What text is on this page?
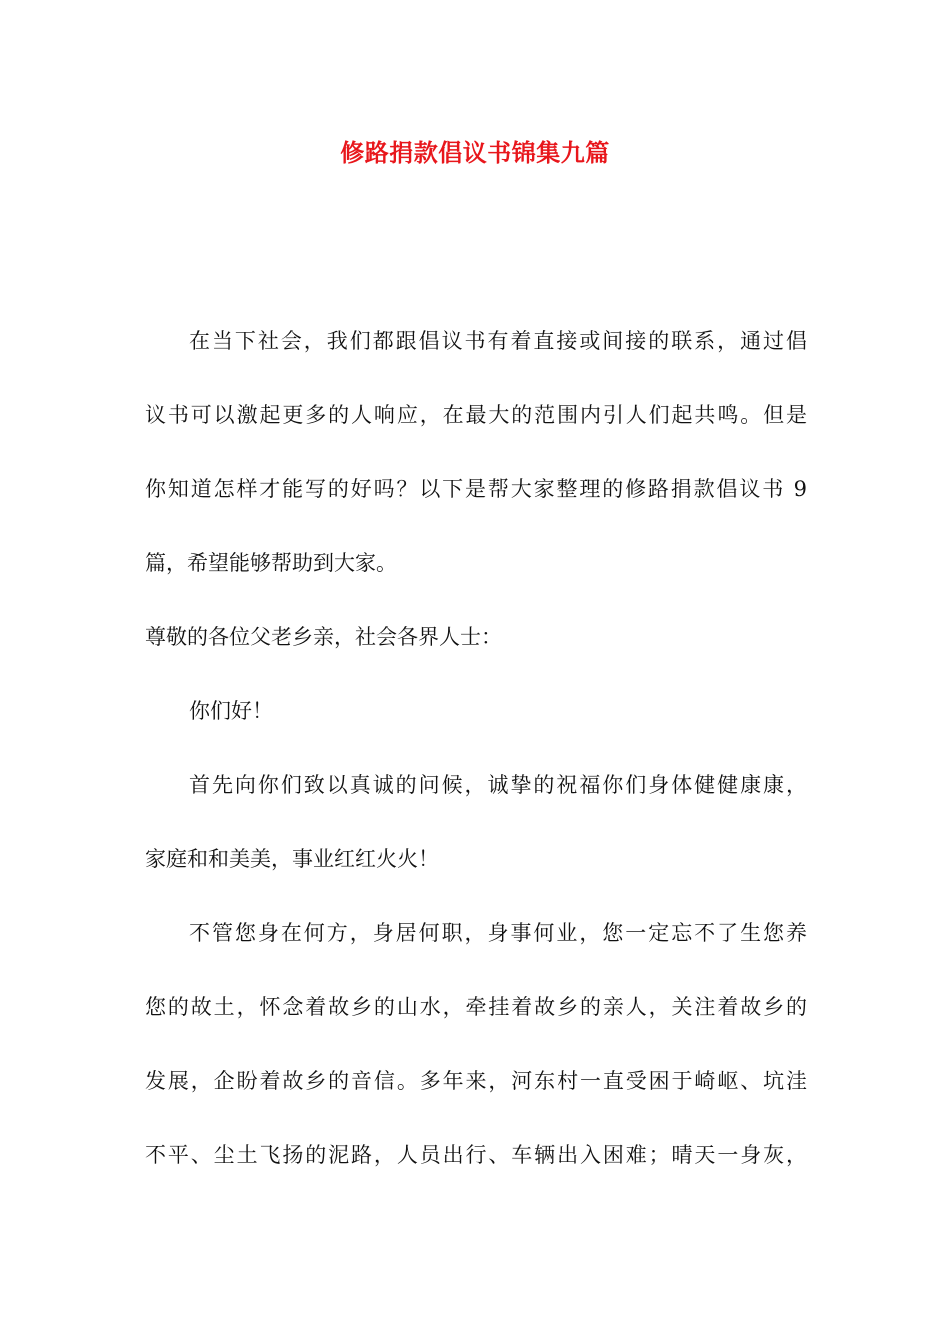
修路捐款倡议书锦集九篇
在当下社会，我们都跟倡议书有着直接或间接的联系，通过倡
议书可以激起更多的人响应，在最大的范围内引人们起共鸣。但是
你知道怎样才能写的好吗？以下是帮大家整理的修路捐款倡议书 9
篇，希望能够帮助到大家。
尊敬的各位父老乡亲，社会各界人士：
你们好！
首先向你们致以真诚的问候，诚挚的祝福你们身体健健康康，
家庭和和美美，事业红红火火！
不管您身在何方，身居何职，身事何业，您一定忘不了生您养
您的故土，怀念着故乡的山水，牵挂着故乡的亲人，关注着故乡的
发展，企盼着故乡的音信。多年来，河东村一直受困于崎岖、坑洼
不平、尘土飞扬的泥路，人员出行、车辆出入困难；晴天一身灰，
